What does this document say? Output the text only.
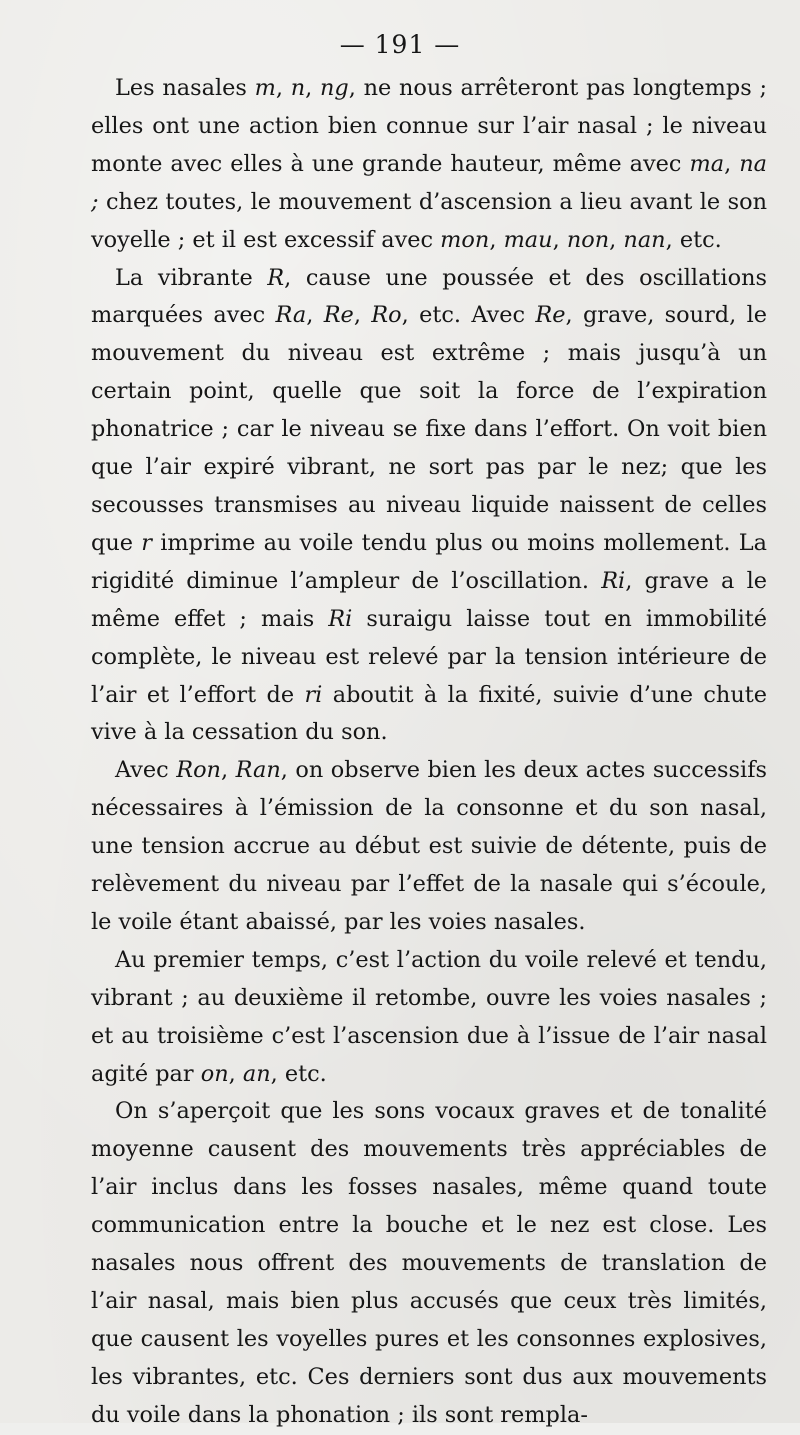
— 191 —

Les nasales m, n, ng, ne nous arrêteront pas longtemps ; elles ont une action bien connue sur l’air nasal ; le niveau monte avec elles à une grande hauteur, même avec ma, na ; chez toutes, le mouvement d’ascension a lieu avant le son voyelle ; et il est excessif avec mon, mau, non, nan, etc.

La vibrante R, cause une poussée et des oscillations marquées avec Ra, Re, Ro, etc. Avec Re, grave, sourd, le mouvement du niveau est extrême ; mais jusqu’à un certain point, quelle que soit la force de l’expiration phonatrice ; car le niveau se fixe dans l’effort. On voit bien que l’air expiré vibrant, ne sort pas par le nez; que les secousses transmises au niveau liquide naissent de celles que r imprime au voile tendu plus ou moins mollement. La rigidité diminue l’ampleur de l’oscillation. Ri, grave a le même effet ; mais Ri suraigu laisse tout en immobilité complète, le niveau est relevé par la tension intérieure de l’air et l’effort de ri aboutit à la fixité, suivie d’une chute vive à la cessation du son.

Avec Ron, Ran, on observe bien les deux actes successifs nécessaires à l’émission de la consonne et du son nasal, une tension accrue au début est suivie de détente, puis de relèvement du niveau par l’effet de la nasale qui s’écoule, le voile étant abaissé, par les voies nasales.

Au premier temps, c’est l’action du voile relevé et tendu, vibrant ; au deuxième il retombe, ouvre les voies nasales ; et au troisième c’est l’ascension due à l’issue de l’air nasal agité par on, an, etc.

On s’aperçoit que les sons vocaux graves et de tonalité moyenne causent des mouvements très appréciables de l’air inclus dans les fosses nasales, même quand toute communication entre la bouche et le nez est close. Les nasales nous offrent des mouvements de translation de l’air nasal, mais bien plus accusés que ceux très limités, que causent les voyelles pures et les consonnes explosives, les vibrantes, etc. Ces derniers sont dus aux mouvements du voile dans la phonation ; ils sont rempla-
